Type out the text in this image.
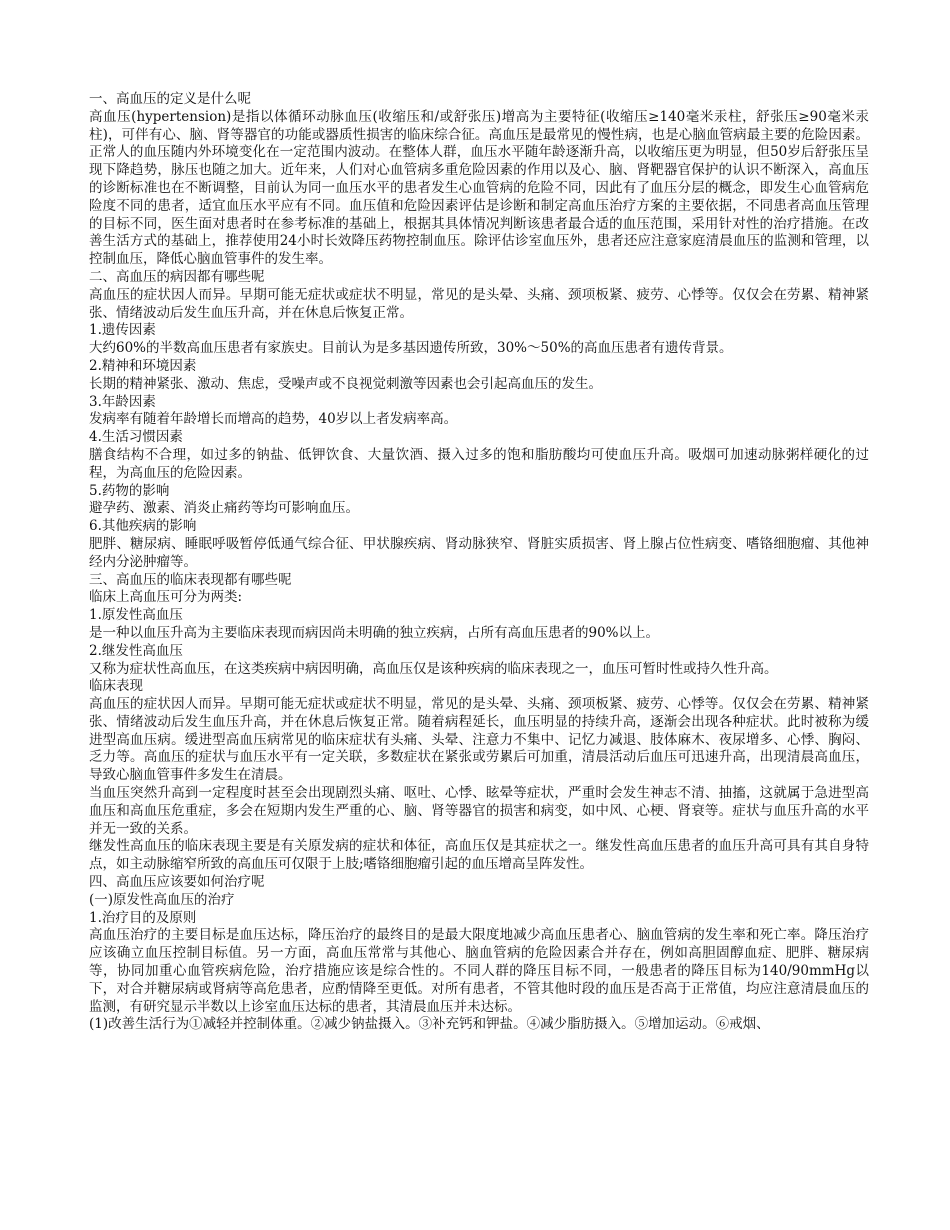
一、高血压的定义是什么呢

高血压(hypertension)是指以体循环动脉血压(收缩压和/或舒张压)增高为主要特征(收缩压≥140毫米汞柱，舒张压≥90毫米汞柱)，可伴有心、脑、肾等器官的功能或器质性损害的临床综合征。高血压是最常见的慢性病，也是心脑血管病最主要的危险因素。正常人的血压随内外环境变化在一定范围内波动。在整体人群，血压水平随年龄逐渐升高，以收缩压更为明显，但50岁后舒张压呈现下降趋势，脉压也随之加大。近年来，人们对心血管病多重危险因素的作用以及心、脑、肾靶器官保护的认识不断深入，高血压的诊断标准也在不断调整，目前认为同一血压水平的患者发生心血管病的危险不同，因此有了血压分层的概念，即发生心血管病危险度不同的患者，适宜血压水平应有不同。血压值和危险因素评估是诊断和制定高血压治疗方案的主要依据，不同患者高血压管理的目标不同，医生面对患者时在参考标准的基础上，根据其具体情况判断该患者最合适的血压范围，采用针对性的治疗措施。在改善生活方式的基础上，推荐使用24小时长效降压药物控制血压。除评估诊室血压外，患者还应注意家庭清晨血压的监测和管理，以控制血压，降低心脑血管事件的发生率。

二、高血压的病因都有哪些呢

高血压的症状因人而异。早期可能无症状或症状不明显，常见的是头晕、头痛、颈项板紧、疲劳、心悸等。仅仅会在劳累、精神紧张、情绪波动后发生血压升高，并在休息后恢复正常。

1.遗传因素

大约60%的半数高血压患者有家族史。目前认为是多基因遗传所致，30%～50%的高血压患者有遗传背景。

2.精神和环境因素

长期的精神紧张、激动、焦虑，受噪声或不良视觉刺激等因素也会引起高血压的发生。

3.年龄因素

发病率有随着年龄增长而增高的趋势，40岁以上者发病率高。

4.生活习惯因素

膳食结构不合理，如过多的钠盐、低钾饮食、大量饮酒、摄入过多的饱和脂肪酸均可使血压升高。吸烟可加速动脉粥样硬化的过程，为高血压的危险因素。

5.药物的影响

避孕药、激素、消炎止痛药等均可影响血压。

6.其他疾病的影响

肥胖、糖尿病、睡眠呼吸暂停低通气综合征、甲状腺疾病、肾动脉狭窄、肾脏实质损害、肾上腺占位性病变、嗜铬细胞瘤、其他神经内分泌肿瘤等。

三、高血压的临床表现都有哪些呢

临床上高血压可分为两类:

1.原发性高血压

是一种以血压升高为主要临床表现而病因尚未明确的独立疾病，占所有高血压患者的90%以上。

2.继发性高血压

又称为症状性高血压，在这类疾病中病因明确，高血压仅是该种疾病的临床表现之一，血压可暂时性或持久性升高。

临床表现

高血压的症状因人而异。早期可能无症状或症状不明显，常见的是头晕、头痛、颈项板紧、疲劳、心悸等。仅仅会在劳累、精神紧张、情绪波动后发生血压升高，并在休息后恢复正常。随着病程延长，血压明显的持续升高，逐渐会出现各种症状。此时被称为缓进型高血压病。缓进型高血压病常见的临床症状有头痛、头晕、注意力不集中、记忆力减退、肢体麻木、夜尿增多、心悸、胸闷、乏力等。高血压的症状与血压水平有一定关联，多数症状在紧张或劳累后可加重，清晨活动后血压可迅速升高，出现清晨高血压，导致心脑血管事件多发生在清晨。

当血压突然升高到一定程度时甚至会出现剧烈头痛、呕吐、心悸、眩晕等症状，严重时会发生神志不清、抽搐，这就属于急进型高血压和高血压危重症，多会在短期内发生严重的心、脑、肾等器官的损害和病变，如中风、心梗、肾衰等。症状与血压升高的水平并无一致的关系。

继发性高血压的临床表现主要是有关原发病的症状和体征，高血压仅是其症状之一。继发性高血压患者的血压升高可具有其自身特点，如主动脉缩窄所致的高血压可仅限于上肢;嗜铬细胞瘤引起的血压增高呈阵发性。

四、高血压应该要如何治疗呢

(一)原发性高血压的治疗

1.治疗目的及原则

高血压治疗的主要目标是血压达标，降压治疗的最终目的是最大限度地减少高血压患者心、脑血管病的发生率和死亡率。降压治疗应该确立血压控制目标值。另一方面，高血压常常与其他心、脑血管病的危险因素合并存在，例如高胆固醇血症、肥胖、糖尿病等，协同加重心血管疾病危险，治疗措施应该是综合性的。不同人群的降压目标不同，一般患者的降压目标为140/90mmHg以下，对合并糖尿病或肾病等高危患者，应酌情降至更低。对所有患者，不管其他时段的血压是否高于正常值，均应注意清晨血压的监测，有研究显示半数以上诊室血压达标的患者，其清晨血压并未达标。

(1)改善生活行为①减轻并控制体重。②减少钠盐摄入。③补充钙和钾盐。④减少脂肪摄入。⑤增加运动。⑥戒烟、
